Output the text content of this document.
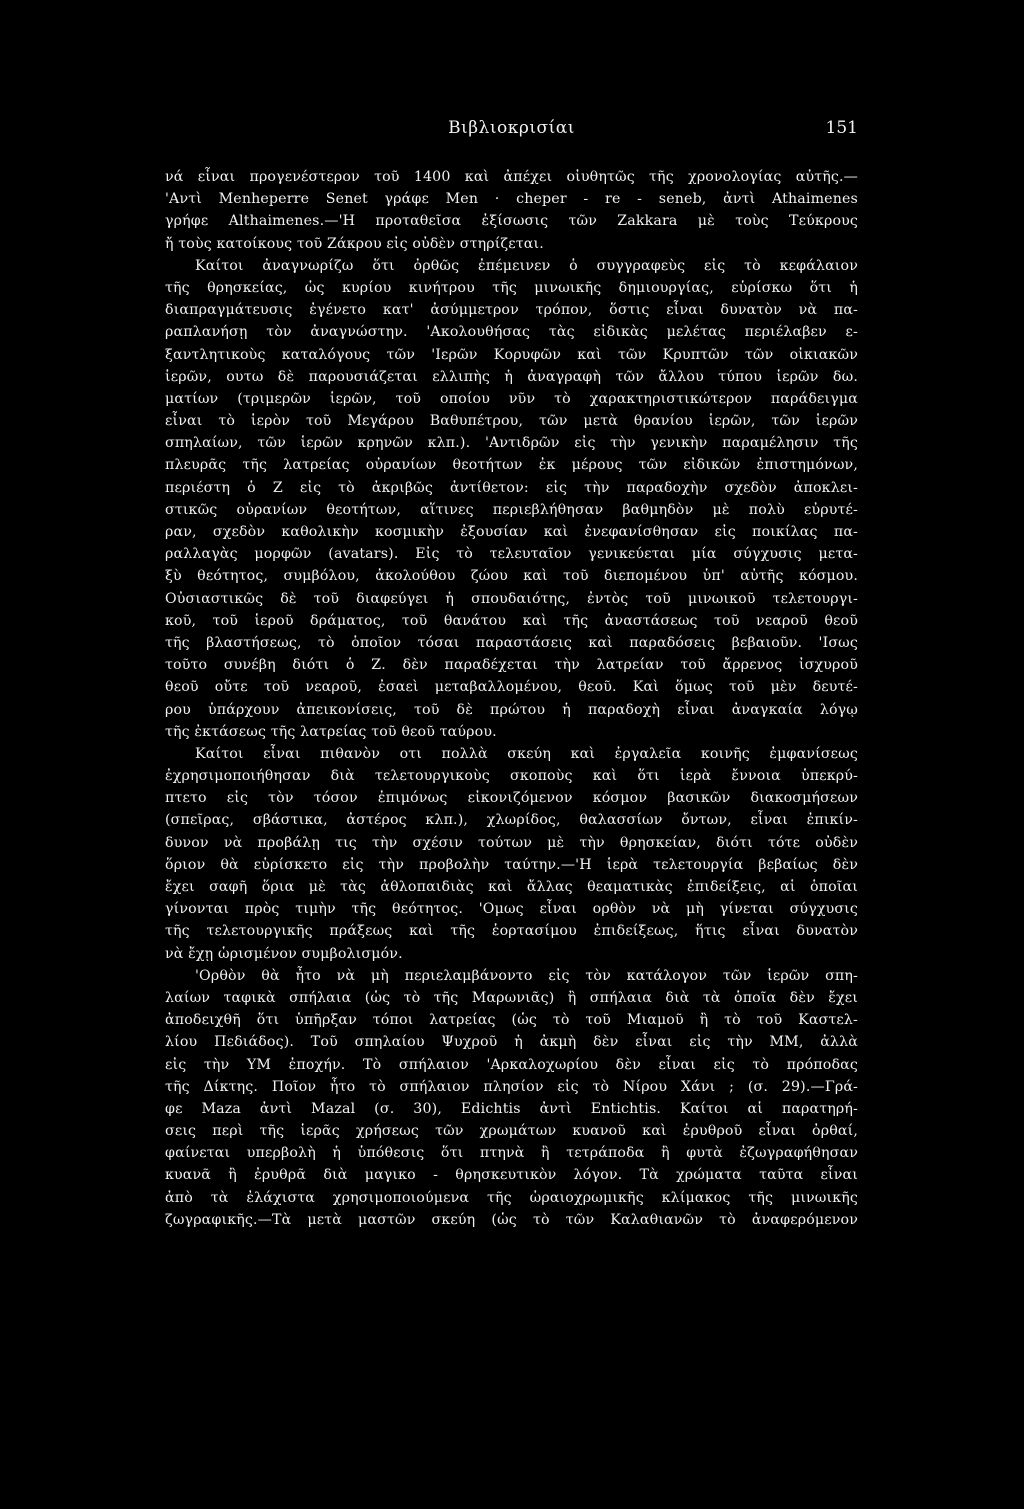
Βιβλιοκρισίαι	151
νά εἶναι προγενέστερον τοῦ 1400 καὶ ἀπέχει οἰυθητῶς τῆς χρονολογίας αὐτῆς.—
'Αντὶ Menheperre Senet γράφε Men · cheper - re - seneb, ἀντὶ Athaimenes
γρήφε Althaimenes.—'Η προταθεῖσα ἐξίσωσις τῶν Zakkara μὲ τοὺς Τεύκρους
ἤ τοὺς κατοίκους τοῦ Ζάκρου εἰς οὐδὲν στηρίζεται.
Καίτοι ἀναγνωρίζω ὅτι ὀρθῶς ἐπέμεινεν ὁ συγγραφεὺς εἰς τὸ κεφάλαιον
τῆς θρησκείας, ὡς κυρίου κινήτρου τῆς μινωικῆς δημιουργίας, εὑρίσκω ὅτι ἡ
διαπραγμάτευσις ἐγένετο κατ' ἀσύμμετρον τρόπον, ὅστις εἶναι δυνατὸν νὰ πα-
ραπλανήσῃ τὸν ἀναγνώστην. 'Ακολουθήσας τὰς εἰδικὰς μελέτας περιέλαβεν ε-
ξαντλητικοὺς καταλόγους τῶν 'Ιερῶν Κορυφῶν καὶ τῶν Κρυπτῶν τῶν οἰκιακῶν
ἱερῶν, ουτω δὲ παρουσιάζεται ελλιπὴς ἡ ἀναγραφὴ τῶν ἄλλου τύπου ἱερῶν δω.
ματίων (τριμερῶν ἱερῶν, τοῦ οποίου νῦν τὸ χαρακτηριστικώτερον παράδειγμα
εἶναι τὸ ἱερὸν τοῦ Μεγάρου Βαθυπέτρου, τῶν μετὰ θρανίου ἱερῶν, τῶν ἱερῶν
σπηλαίων, τῶν ἱερῶν κρηνῶν κλπ.). 'Αντιδρῶν εἰς τὴν γενικὴν παραμέλησιν τῆς
πλευρᾶς τῆς λατρείας οὐρανίων θεοτήτων ἐκ μέρους τῶν εἰδικῶν ἐπιστημόνων,
περιέστη ὁ Ζ εἰς τὸ ἀκριβῶς ἀντίθετον: εἰς τὴν παραδοχὴν σχεδὸν ἀποκλει-
στικῶς οὐρανίων θεοτήτων, αἵτινες περιεβλήθησαν βαθμηδὸν μὲ πολὺ εὐρυτέ-
ραν, σχεδὸν καθολικὴν κοσμικὴν ἐξουσίαν καὶ ἐνεφανίσθησαν εἰς ποικίλας πα-
ραλλαγὰς μορφῶν (avatars). Εἰς τὸ τελευταῖον γενικεύεται μία σύγχυσις μετα-
ξὺ θεότητος, συμβόλου, ἀκολούθου ζώου καὶ τοῦ διεπομένου ὑπ' αὐτῆς κόσμου.
Οὐσιαστικῶς δὲ τοῦ διαφεύγει ἡ σπουδαιότης, ἐντὸς τοῦ μινωικοῦ τελετουργι-
κοῦ, τοῦ ἱεροῦ δράματος, τοῦ θανάτου καὶ τῆς ἀναστάσεως τοῦ νεαροῦ θεοῦ
τῆς βλαστήσεως, τὸ ὁποῖον τόσαι παραστάσεις καὶ παραδόσεις βεβαιοῦν. 'Ισως
τοῦτο συνέβη διότι ὁ Ζ. δὲν παραδέχεται τὴν λατρείαν τοῦ ἄρρενος ἰσχυροῦ
θεοῦ οὔτε τοῦ νεαροῦ, ἐσαεὶ μεταβαλλομένου, θεοῦ. Καὶ ὅμως τοῦ μὲν δευτέ-
ρου ὑπάρχουν ἀπεικονίσεις, τοῦ δὲ πρώτου ἡ παραδοχὴ εἶναι ἀναγκαία λόγῳ
τῆς ἐκτάσεως τῆς λατρείας τοῦ θεοῦ ταύρου.
Καίτοι εἶναι πιθανὸν οτι πολλὰ σκεύη καὶ ἐργαλεῖα κοινῆς ἐμφανίσεως
ἐχρησιμοποιήθησαν διὰ τελετουργικοὺς σκοποὺς καὶ ὅτι ἱερὰ ἔννοια ὑπεκρύ-
πτετο εἰς τὸν τόσον ἐπιμόνως εἰκονιζόμενον κόσμον βασικῶν διακοσμήσεων
(σπεῖρας, σβάστικα, ἀστέρος κλπ.), χλωρίδος, θαλασσίων ὄντων, εἶναι ἐπικίν-
δυνον νὰ προβάλῃ τις τὴν σχέσιν τούτων μὲ τὴν θρησκείαν, διότι τότε οὐδὲν
ὅριον θὰ εὑρίσκετο εἰς τὴν προβολὴν ταύτην.—'Η ἱερὰ τελετουργία βεβαίως δὲν
ἔχει σαφῆ ὅρια μὲ τὰς ἀθλοπαιδιὰς καὶ ἄλλας θεαματικὰς ἐπιδείξεις, αἱ ὁποῖαι
γίνονται πρὸς τιμὴν τῆς θεότητος. 'Ομως εἶναι ορθὸν νὰ μὴ γίνεται σύγχυσις
τῆς τελετουργικῆς πράξεως καὶ τῆς ἑορτασίμου ἐπιδείξεως, ἥτις εἶναι δυνατὸν
νὰ ἔχῃ ὡρισμένον συμβολισμόν.
'Ορθὸν θὰ ἦτο νὰ μὴ περιελαμβάνοντο εἰς τὸν κατάλογον τῶν ἱερῶν σπη-
λαίων ταφικὰ σπήλαια (ὡς τὸ τῆς Μαρωνιᾶς) ἢ σπήλαια διὰ τὰ ὁποῖα δὲν ἔχει
ἀποδειχθῆ ὅτι ὑπῆρξαν τόποι λατρείας (ὡς τὸ τοῦ Μιαμοῦ ἢ τὸ τοῦ Καστελ-
λίου Πεδιάδος). Τοῦ σπηλαίου Ψυχροῦ ἡ ἀκμὴ δὲν εἶναι εἰς τὴν ΜΜ, ἀλλὰ
εἰς τὴν ΥΜ ἐποχήν. Τὸ σπήλαιον 'Αρκαλοχωρίου δὲν εἶναι εἰς τὸ πρόποδας
τῆς Δίκτης. Ποῖον ἦτο τὸ σπήλαιον πλησίον εἰς τὸ Νίρου Χάνι ; (σ. 29).—Γρά-
φε Maza ἀντὶ Mazal (σ. 30), Edichtis ἀντὶ Entichtis. Καίτοι αἱ παρατηρή-
σεις περὶ τῆς ἱερᾶς χρήσεως τῶν χρωμάτων κυανοῦ καὶ ἐρυθροῦ εἶναι ὀρθαί,
φαίνεται υπερβολὴ ἡ ὑπόθεσις ὅτι πτηνὰ ἢ τετράποδα ἢ φυτὰ ἐζωγραφήθησαν
κυανᾶ ἢ ἐρυθρᾶ διὰ μαγικο - θρησκευτικὸν λόγον. Τὰ χρώματα ταῦτα εἶναι
ἀπὸ τὰ ἐλάχιστα χρησιμοποιούμενα τῆς ὡραιοχρωμικῆς κλίμακος τῆς μινωικῆς
ζωγραφικῆς.—Τὰ μετὰ μαστῶν σκεύη (ὡς τὸ τῶν Καλαθιανῶν τὸ ἀναφερόμενον
